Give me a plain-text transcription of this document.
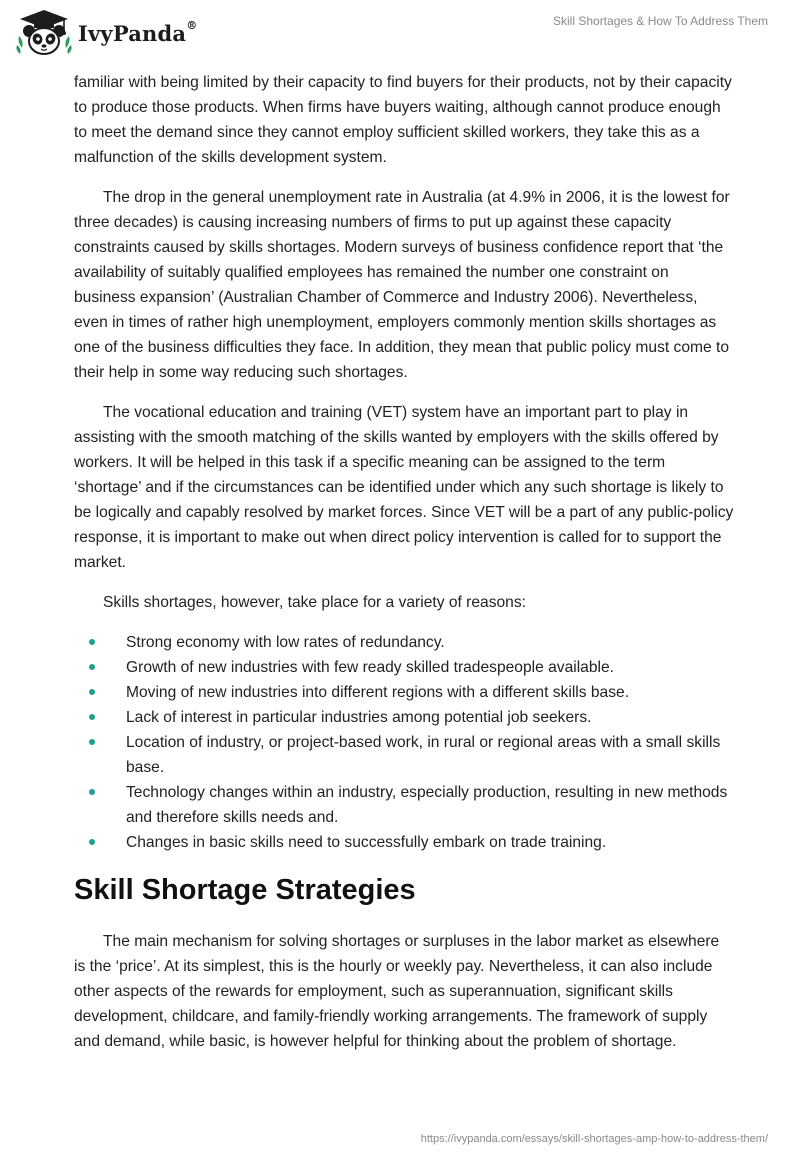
IvyPanda®	Skill Shortages & How To Address Them

familiar with being limited by their capacity to find buyers for their products, not by their capacity to produce those products. When firms have buyers waiting, although cannot produce enough to meet the demand since they cannot employ sufficient skilled workers, they take this as a malfunction of the skills development system.

The drop in the general unemployment rate in Australia (at 4.9% in 2006, it is the lowest for three decades) is causing increasing numbers of firms to put up against these capacity constraints caused by skills shortages. Modern surveys of business confidence report that ‘the availability of suitably qualified employees has remained the number one constraint on business expansion’ (Australian Chamber of Commerce and Industry 2006). Nevertheless, even in times of rather high unemployment, employers commonly mention skills shortages as one of the business difficulties they face. In addition, they mean that public policy must come to their help in some way reducing such shortages.

The vocational education and training (VET) system have an important part to play in assisting with the smooth matching of the skills wanted by employers with the skills offered by workers. It will be helped in this task if a specific meaning can be assigned to the term ‘shortage’ and if the circumstances can be identified under which any such shortage is likely to be logically and capably resolved by market forces. Since VET will be a part of any public-policy response, it is important to make out when direct policy intervention is called for to support the market.

Skills shortages, however, take place for a variety of reasons:

Strong economy with low rates of redundancy.
Growth of new industries with few ready skilled tradespeople available.
Moving of new industries into different regions with a different skills base.
Lack of interest in particular industries among potential job seekers.
Location of industry, or project-based work, in rural or regional areas with a small skills base.
Technology changes within an industry, especially production, resulting in new methods and therefore skills needs and.
Changes in basic skills need to successfully embark on trade training.
Skill Shortage Strategies

The main mechanism for solving shortages or surpluses in the labor market as elsewhere is the ‘price’. At its simplest, this is the hourly or weekly pay. Nevertheless, it can also include other aspects of the rewards for employment, such as superannuation, significant skills development, childcare, and family-friendly working arrangements. The framework of supply and demand, while basic, is however helpful for thinking about the problem of shortage.

https://ivypanda.com/essays/skill-shortages-amp-how-to-address-them/
